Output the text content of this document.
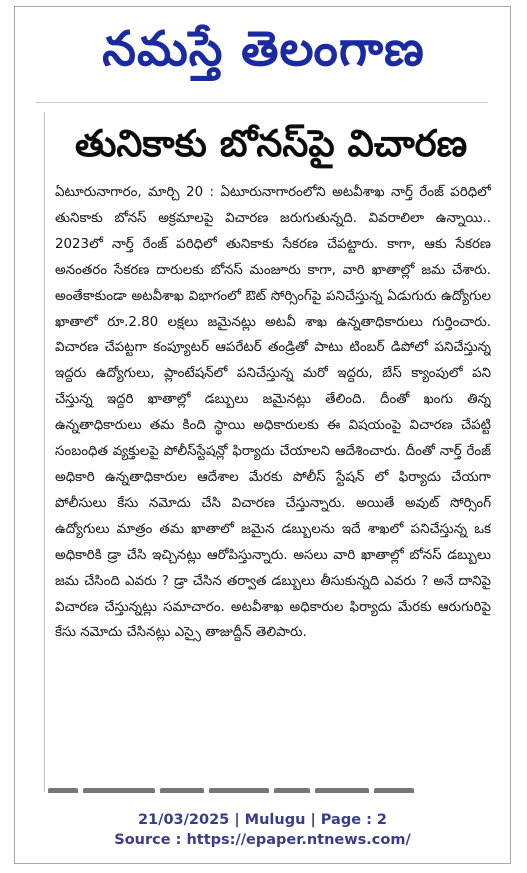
నమస్తే తెలంగాణ
తునికాకు బోనస్‌పై విచారణ

ఏటూరునాగారం, మార్చి 20 : ఏటూరునాగారంలోని అటవీశాఖ నార్త్ రేంజ్ పరిధిలో తునికాకు బోనస్ అక్రమాలపై విచారణ జరుగుతున్నది. వివరాలిలా ఉన్నాయి.. 2023లో నార్త్ రేంజ్ పరిధిలో తునికాకు సేకరణ చేపట్టారు. కాగా, ఆకు సేకరణ అనంతరం సేకరణ దారులకు బోనస్ మంజూరు కాగా, వారి ఖాతాల్లో జమ చేశారు. అంతేకాకుండా అటవీశాఖ విభాగంలో ఔట్ సోర్సింగ్‌పై పనిచేస్తున్న ఏడుగురు ఉద్యోగుల ఖాతాలో రూ.2.80 లక్షలు జమైనట్లు అటవీ శాఖ ఉన్నతాధికారులు గుర్తించారు. విచారణ చేపట్టగా కంప్యూటర్ ఆపరేటర్ తండ్రితో పాటు టింబర్ డిపోలో పనిచేస్తున్న ఇద్దరు ఉద్యోగులు, ప్లాంటేషన్‌లో పనిచేస్తున్న మరో ఇద్దరు, బేస్ క్యాంపులో పని చేస్తున్న ఇద్దరి ఖాతాల్లో డబ్బులు జమైనట్లు తేలింది. దీంతో ఖంగు తిన్న ఉన్నతాధికారులు తమ కింది స్థాయి అధికారులకు ఈ విషయంపై విచారణ చేపట్టి సంబంధిత వ్యక్తులపై పోలీస్‌స్టేషన్లో ఫిర్యాదు చేయాలని ఆదేశించారు. దీంతో నార్త్ రేంజ్ అధికారి ఉన్నతాధికారుల ఆదేశాల మేరకు పోలీస్ స్టేషన్ లో ఫిర్యాదు చేయగా పోలీసులు కేసు నమోదు చేసి విచారణ చేస్తున్నారు. అయితే అవుట్ సోర్సింగ్ ఉద్యోగులు మాత్రం తమ ఖాతాలో జమైన డబ్బులను ఇదే శాఖలో పనిచేస్తున్న ఒక అధికారికి డ్రా చేసి ఇచ్చినట్లు ఆరోపిస్తున్నారు. అసలు వారి ఖాతాల్లో బోనస్ డబ్బులు జమ చేసింది ఎవరు ? డ్రా చేసిన తర్వాత డబ్బులు తీసుకున్నది ఎవరు ? అనే దానిపై విచారణ చేస్తున్నట్లు సమాచారం. అటవీశాఖ అధికారుల ఫిర్యాదు మేరకు ఆరుగురిపై కేసు నమోదు చేసినట్లు ఎస్సై తాజుద్దీన్ తెలిపారు.

21/03/2025 | Mulugu | Page : 2
Source : https://epaper.ntnews.com/
